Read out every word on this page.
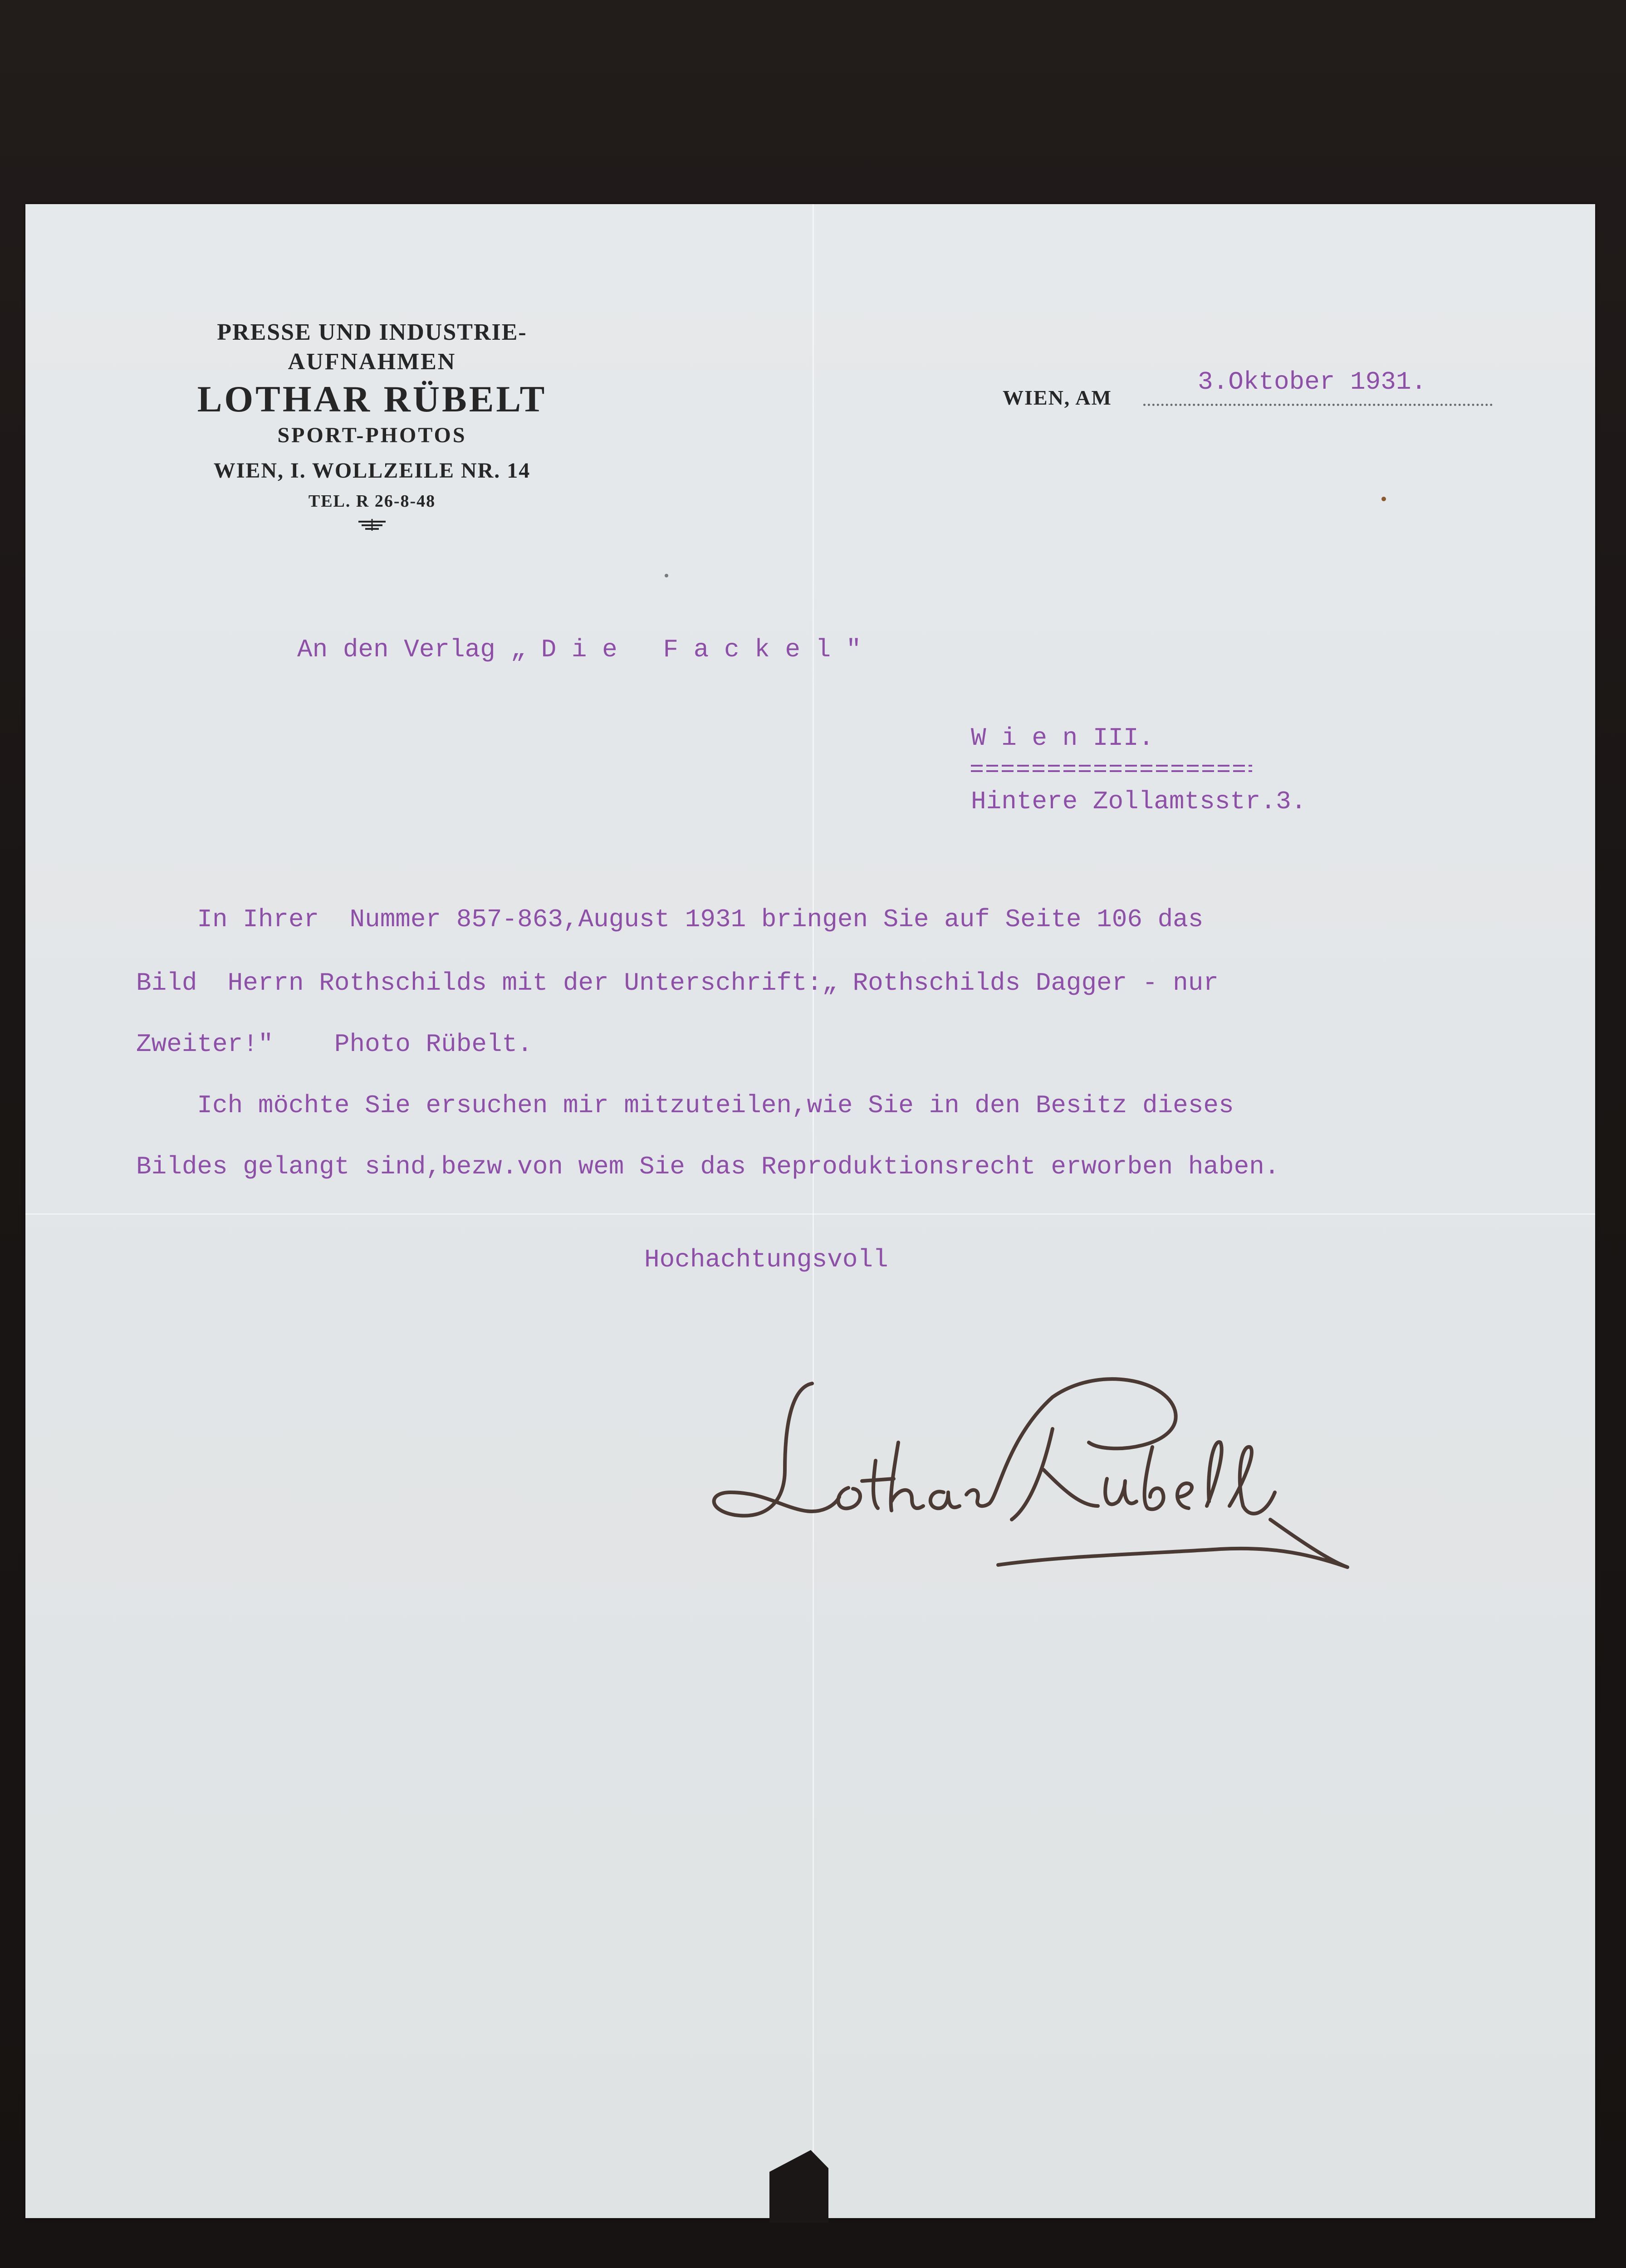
PRESSE UND INDUSTRIE-
AUFNAHMEN
LOTHAR RÜBELT
SPORT-PHOTOS
WIEN, I. WOLLZEILE NR. 14
TEL. R 26-8-48
WIEN, AM
3.Oktober 1931.
An den Verlag „ D i e   F a c k e l "
W i e n III.
Hintere Zollamtsstr.3.
In Ihrer  Nummer 857-863,August 1931 bringen Sie auf Seite 106 das
Bild  Herrn Rothschilds mit der Unterschrift:„ Rothschilds Dagger - nur
Zweiter!"    Photo Rübelt.
Ich möchte Sie ersuchen mir mitzuteilen,wie Sie in den Besitz dieses
Bildes gelangt sind,bezw.von wem Sie das Reproduktionsrecht erworben haben.
Hochachtungsvoll
